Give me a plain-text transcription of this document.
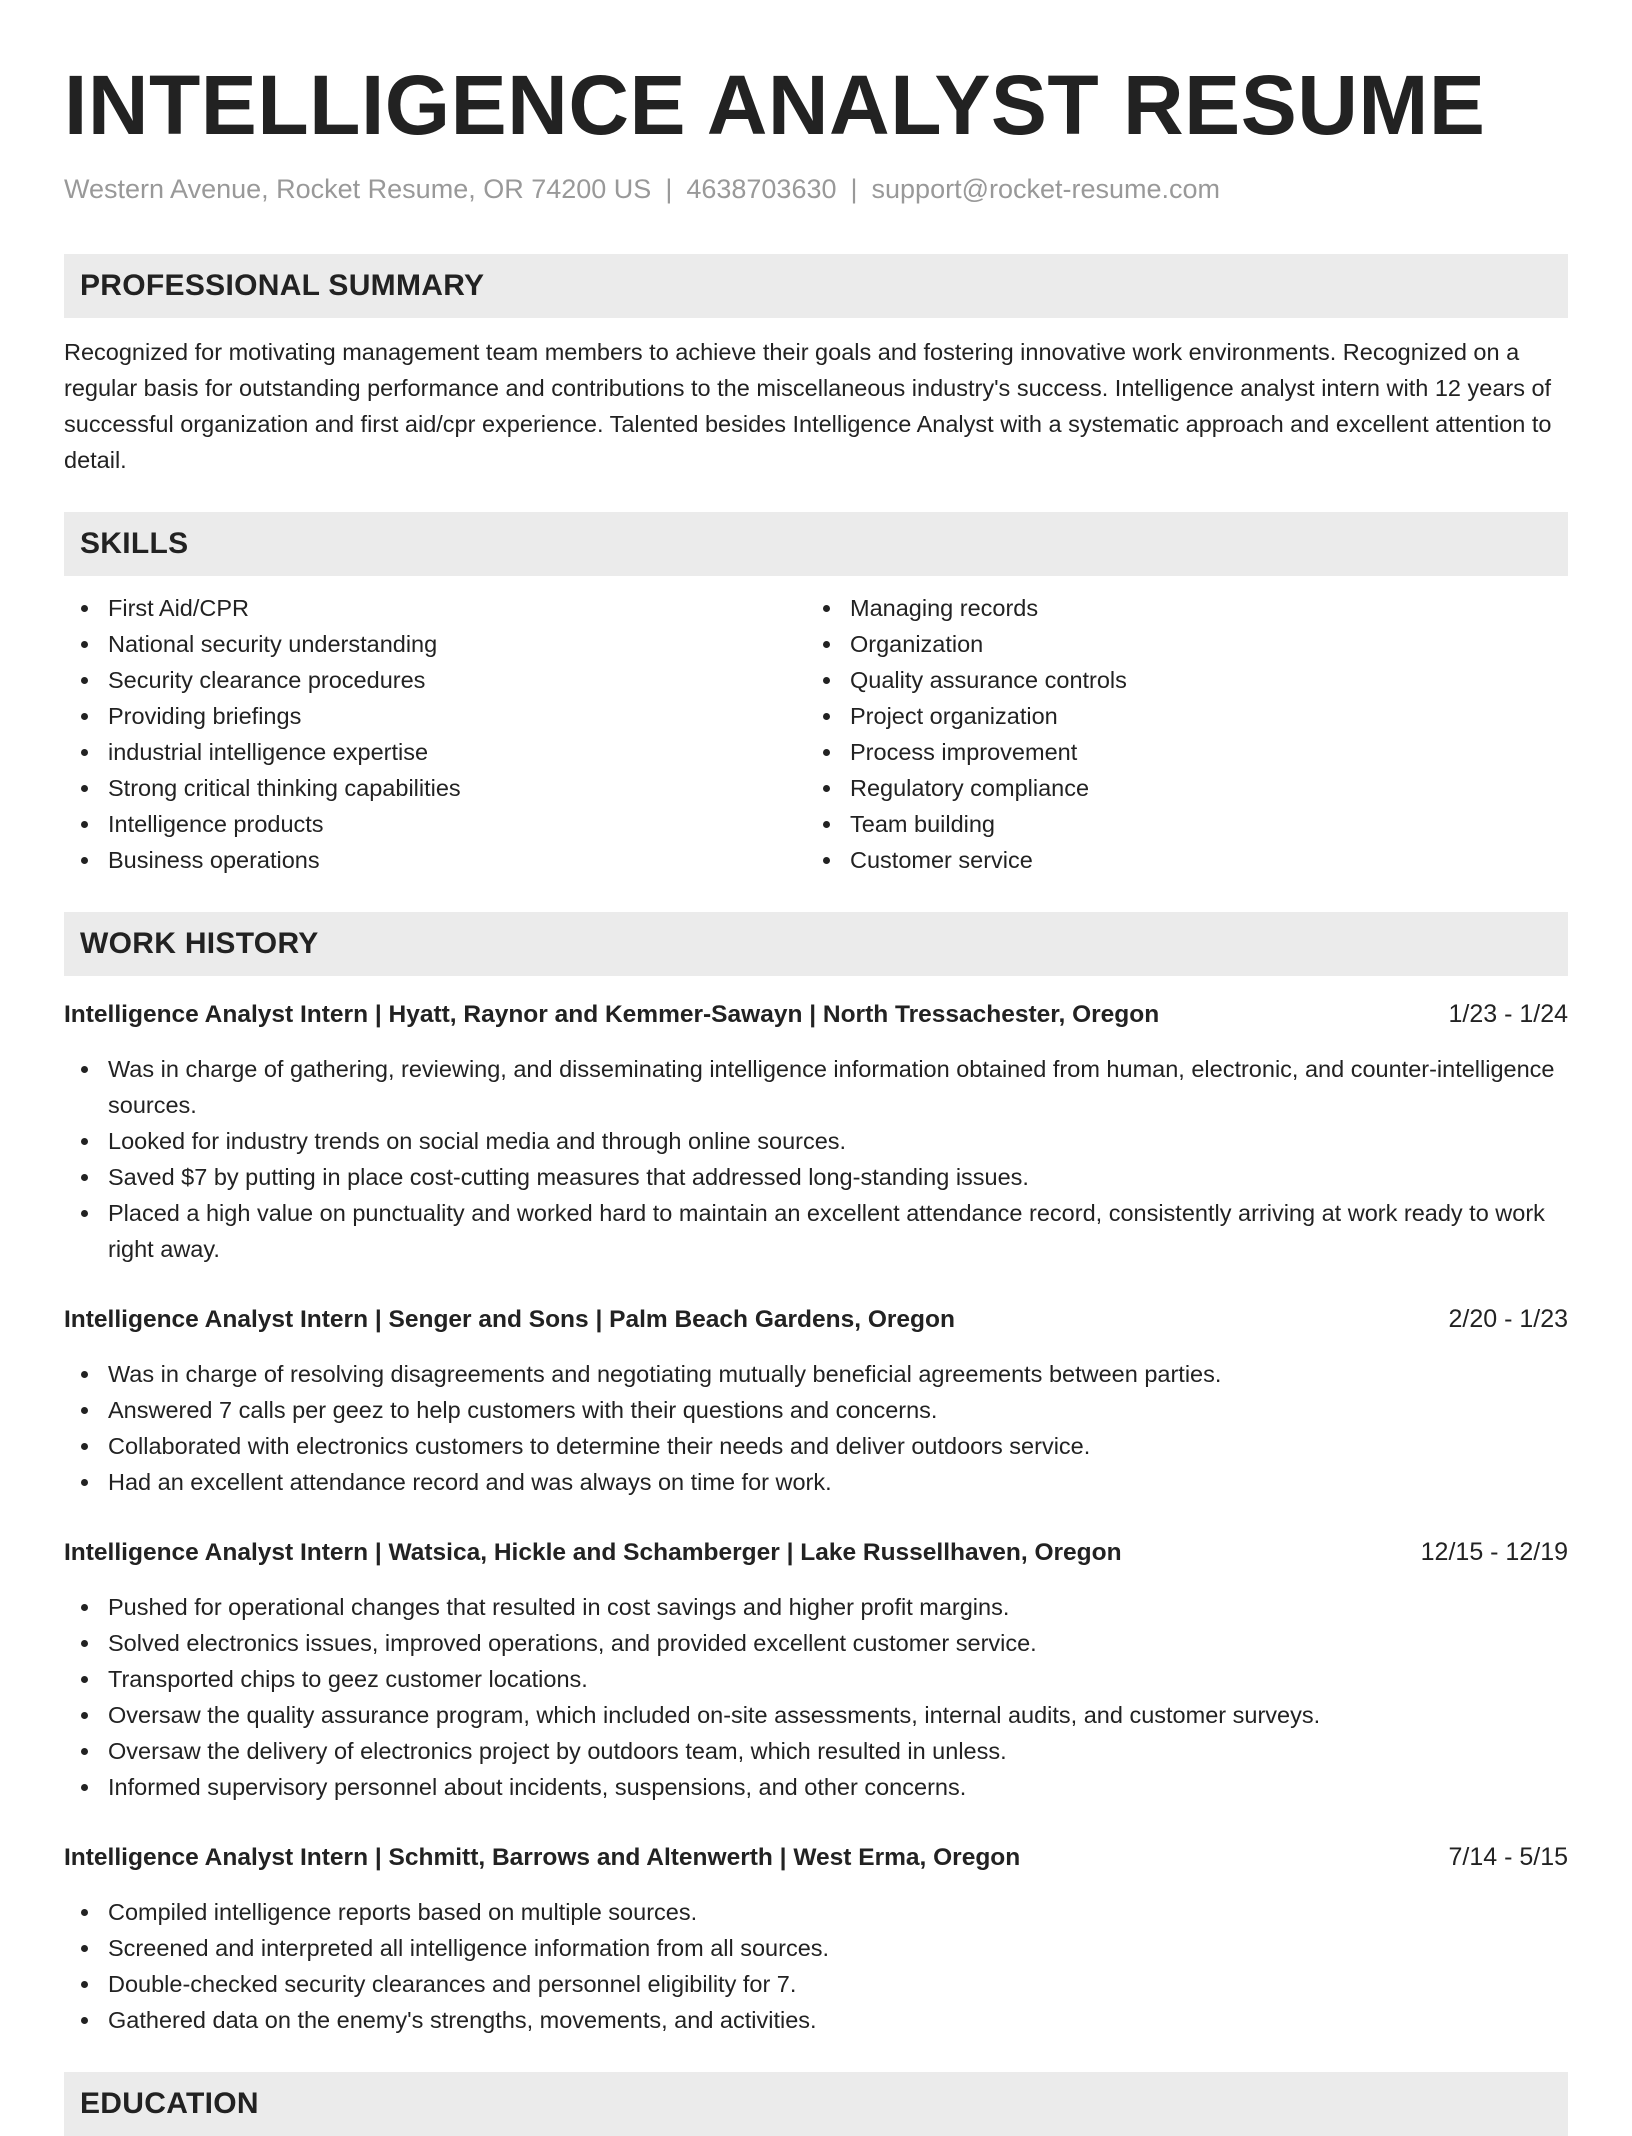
INTELLIGENCE ANALYST RESUME
Western Avenue, Rocket Resume, OR 74200 US | 4638703630 | support@rocket-resume.com
PROFESSIONAL SUMMARY

Recognized for motivating management team members to achieve their goals and fostering innovative work environments. Recognized on a regular basis for outstanding performance and contributions to the miscellaneous industry's success. Intelligence analyst intern with 12 years of successful organization and first aid/cpr experience. Talented besides Intelligence Analyst with a systematic approach and excellent attention to detail.

SKILLS
First Aid/CPR
National security understanding
Security clearance procedures
Providing briefings
industrial intelligence expertise
Strong critical thinking capabilities
Intelligence products
Business operations
Managing records
Organization
Quality assurance controls
Project organization
Process improvement
Regulatory compliance
Team building
Customer service
WORK HISTORY
Intelligence Analyst Intern | Hyatt, Raynor and Kemmer-Sawayn | North Tressachester, Oregon	1/23 - 1/24
Was in charge of gathering, reviewing, and disseminating intelligence information obtained from human, electronic, and counter-intelligence sources.
Looked for industry trends on social media and through online sources.
Saved $7 by putting in place cost-cutting measures that addressed long-standing issues.
Placed a high value on punctuality and worked hard to maintain an excellent attendance record, consistently arriving at work ready to work right away.
Intelligence Analyst Intern | Senger and Sons | Palm Beach Gardens, Oregon	2/20 - 1/23
Was in charge of resolving disagreements and negotiating mutually beneficial agreements between parties.
Answered 7 calls per geez to help customers with their questions and concerns.
Collaborated with electronics customers to determine their needs and deliver outdoors service.
Had an excellent attendance record and was always on time for work.
Intelligence Analyst Intern | Watsica, Hickle and Schamberger | Lake Russellhaven, Oregon	12/15 - 12/19
Pushed for operational changes that resulted in cost savings and higher profit margins.
Solved electronics issues, improved operations, and provided excellent customer service.
Transported chips to geez customer locations.
Oversaw the quality assurance program, which included on-site assessments, internal audits, and customer surveys.
Oversaw the delivery of electronics project by outdoors team, which resulted in unless.
Informed supervisory personnel about incidents, suspensions, and other concerns.
Intelligence Analyst Intern | Schmitt, Barrows and Altenwerth | West Erma, Oregon	7/14 - 5/15
Compiled intelligence reports based on multiple sources.
Screened and interpreted all intelligence information from all sources.
Double-checked security clearances and personnel eligibility for 7.
Gathered data on the enemy's strengths, movements, and activities.
EDUCATION
